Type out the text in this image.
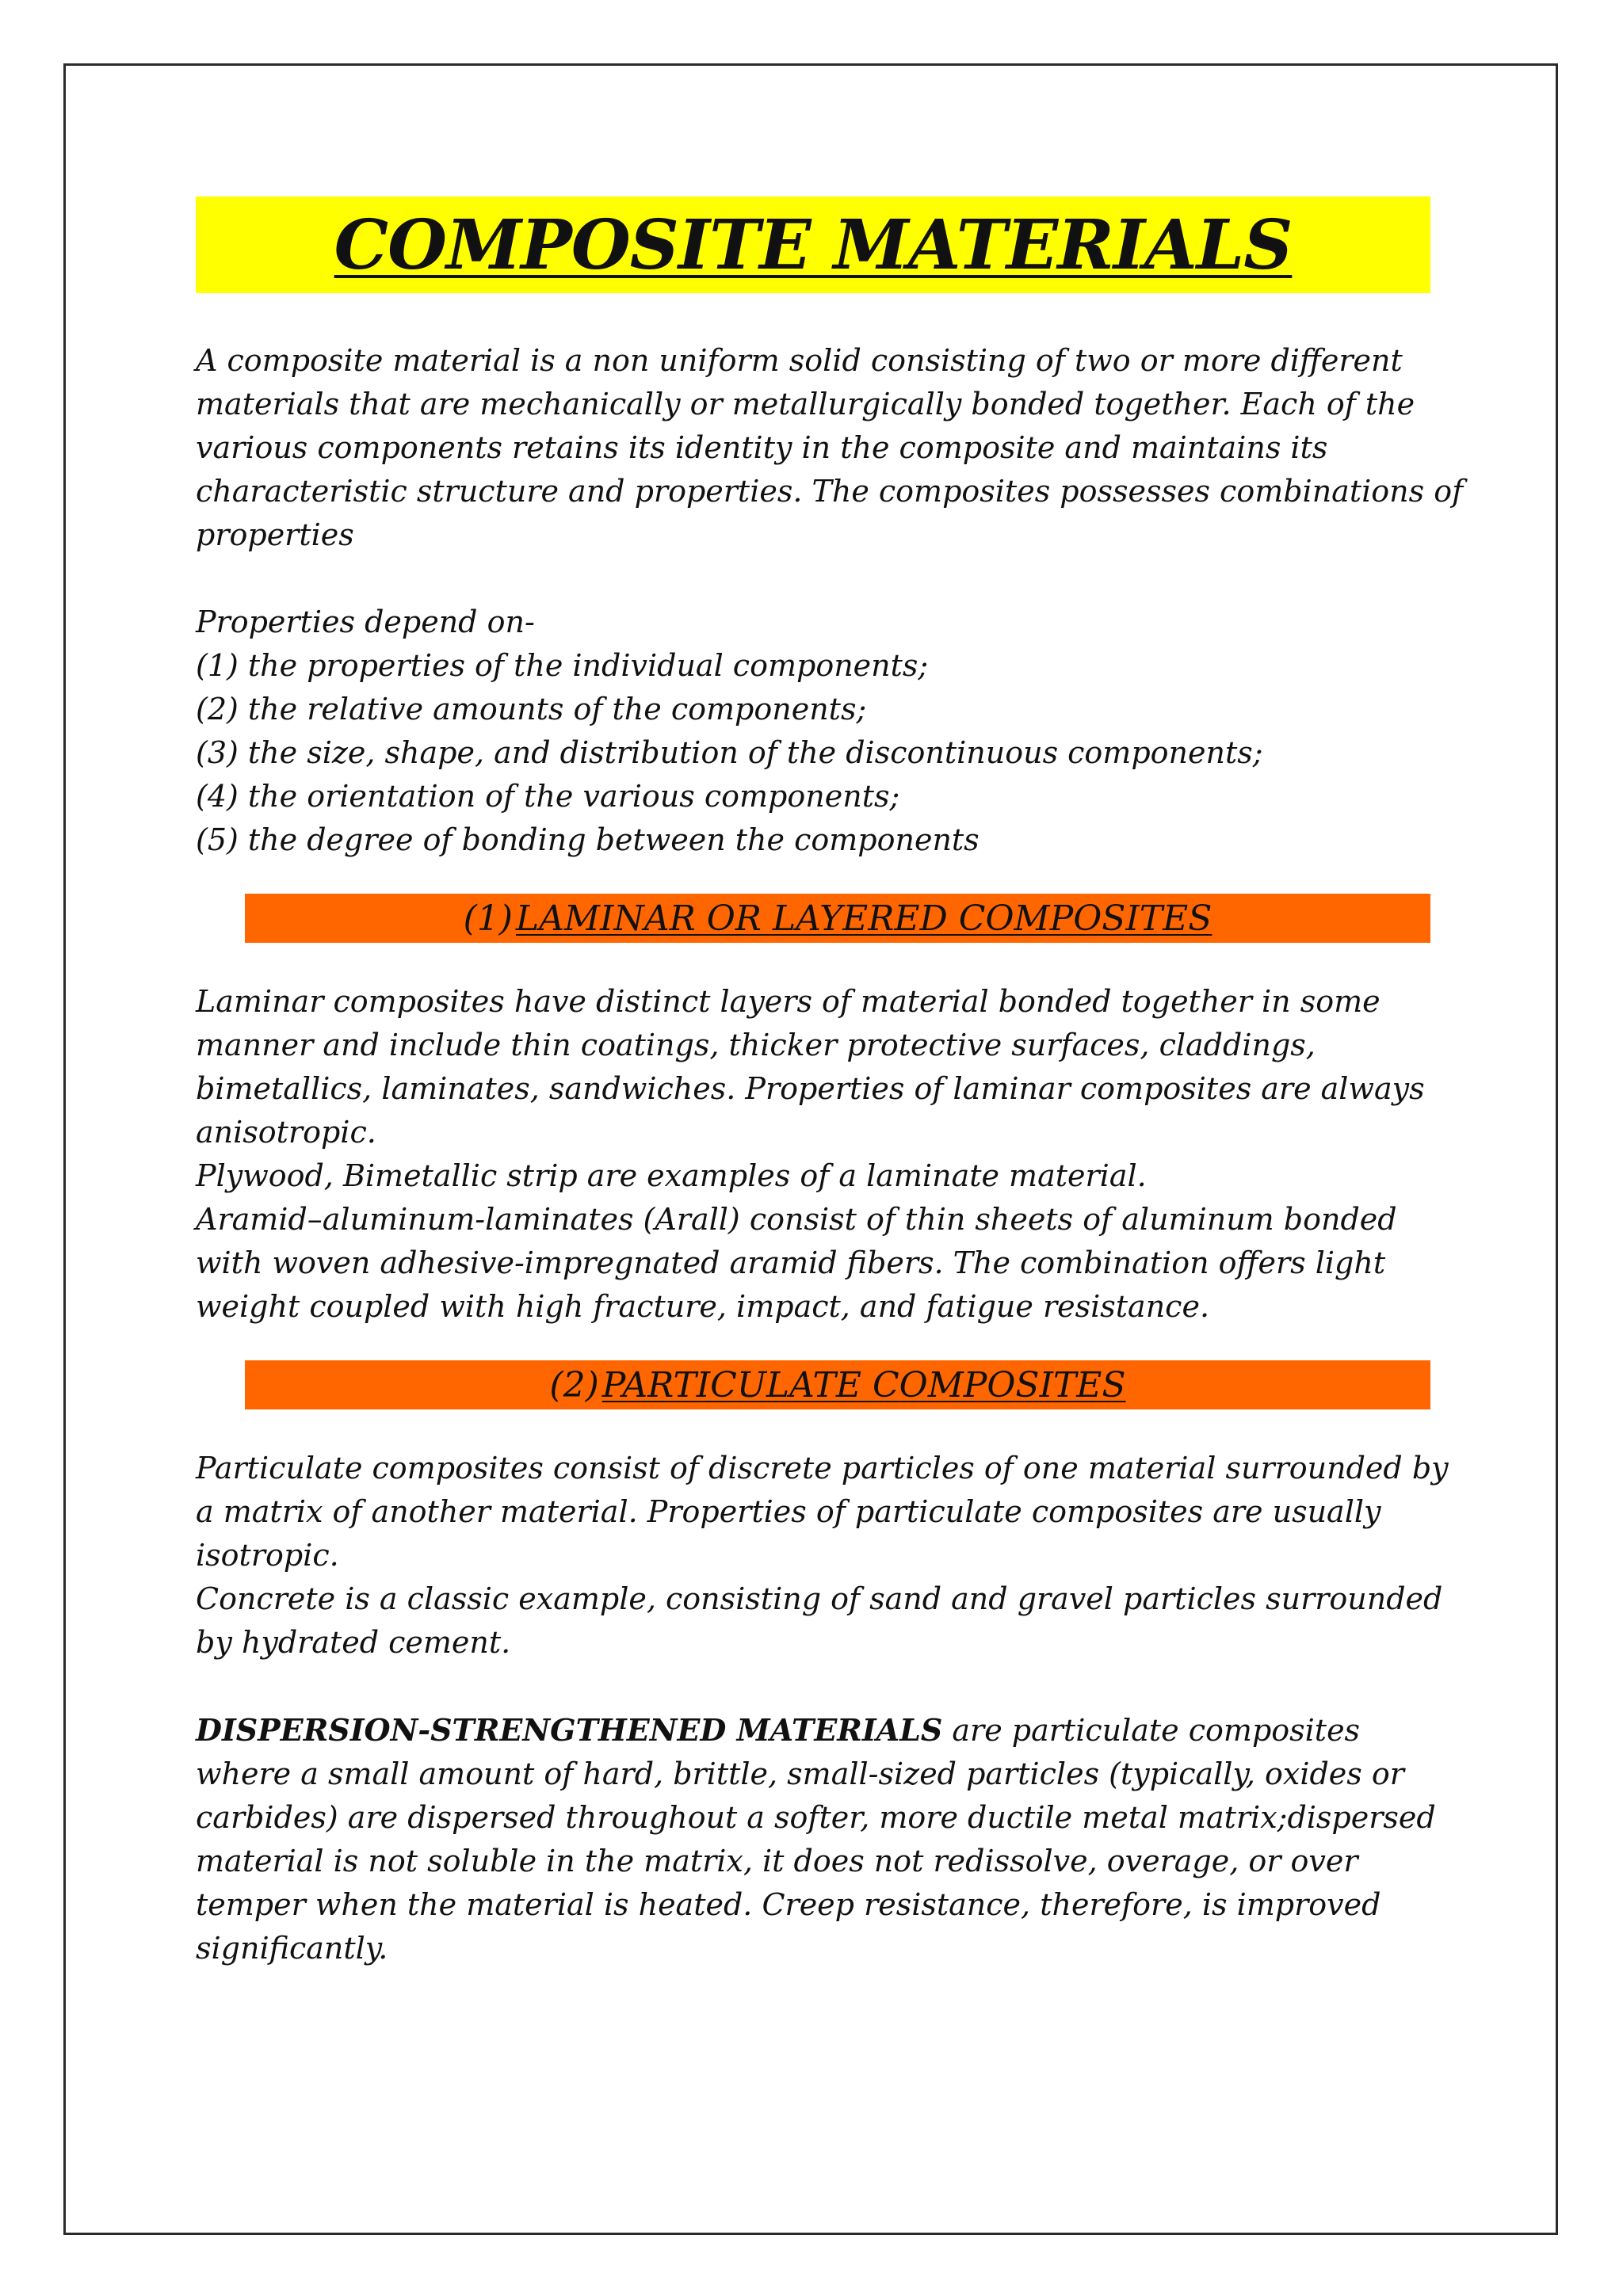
COMPOSITE MATERIALS

A composite material is a non uniform solid consisting of two or more different
materials that are mechanically or metallurgically bonded together. Each of the
various components retains its identity in the composite and maintains its
characteristic structure and properties. The composites possesses combinations of
properties

Properties depend on-
(1) the properties of the individual components;
(2) the relative amounts of the components;
(3) the size, shape, and distribution of the discontinuous components;
(4) the orientation of the various components;
(5) the degree of bonding between the components

(1) LAMINAR OR LAYERED COMPOSITES

Laminar composites have distinct layers of material bonded together in some
manner and include thin coatings, thicker protective surfaces, claddings,
bimetallics, laminates, sandwiches. Properties of laminar composites are always
anisotropic.
Plywood, Bimetallic strip are examples of a laminate material.
Aramid–aluminum-laminates (Arall) consist of thin sheets of aluminum bonded
with woven adhesive-impregnated aramid fibers. The combination offers light
weight coupled with high fracture, impact, and fatigue resistance.

(2) PARTICULATE COMPOSITES

Particulate composites consist of discrete particles of one material surrounded by
a matrix of another material. Properties of particulate composites are usually
isotropic.
Concrete is a classic example, consisting of sand and gravel particles surrounded
by hydrated cement.

DISPERSION-STRENGTHENED MATERIALS are particulate composites
where a small amount of hard, brittle, small-sized particles (typically, oxides or
carbides) are dispersed throughout a softer, more ductile metal matrix;dispersed
material is not soluble in the matrix, it does not redissolve, overage, or over
temper when the material is heated. Creep resistance, therefore, is improved
significantly.
